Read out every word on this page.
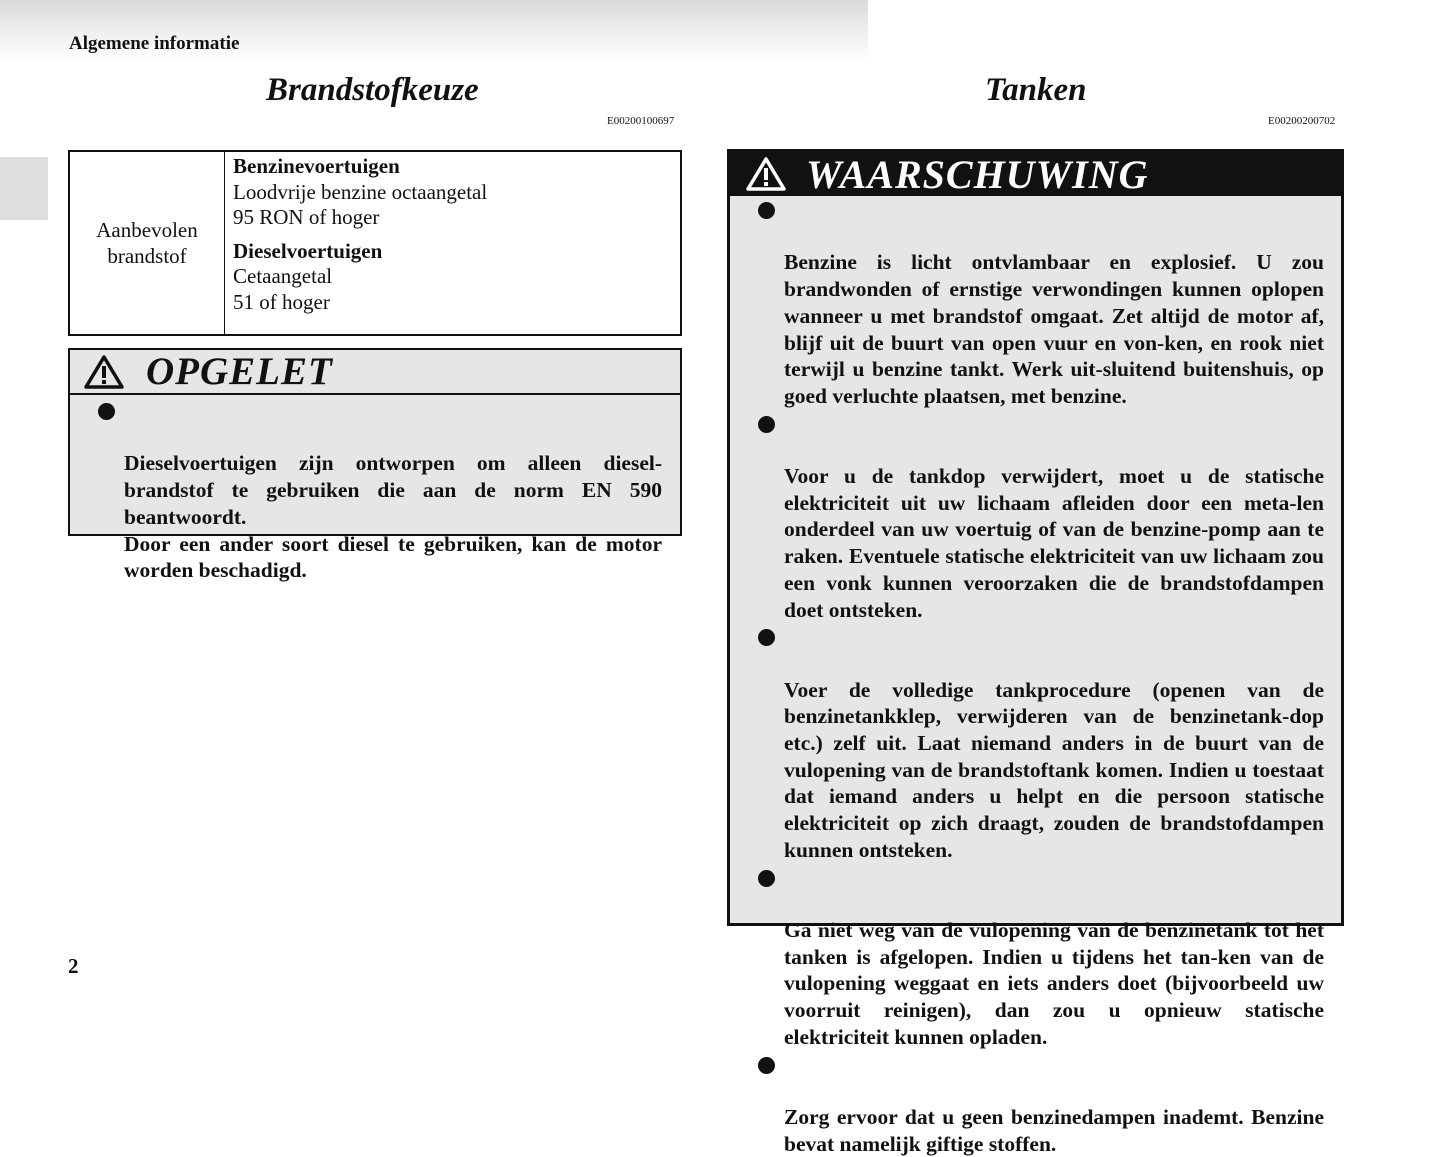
Algemene informatie
Brandstofkeuze
E00200100697
Aanbevolen
brandstof
Benzinevoertuigen
Loodvrije benzine octaangetal
95 RON of hoger
Dieselvoertuigen
Cetaangetal
51 of hoger
OPGELET

Dieselvoertuigen zijn ontworpen om alleen diesel-brandstof te gebruiken die aan de norm EN 590 beantwoordt.
Door een ander soort diesel te gebruiken, kan de motor worden beschadigd.

Tanken
E00200200702
WAARSCHUWING

Benzine is licht ontvlambaar en explosief. U zou brandwonden of ernstige verwondingen kunnen oplopen wanneer u met brandstof omgaat. Zet altijd de motor af, blijf uit de buurt van open vuur en von-ken, en rook niet terwijl u benzine tankt. Werk uit-sluitend buitenshuis, op goed verluchte plaatsen, met benzine.

Voor u de tankdop verwijdert, moet u de statische elektriciteit uit uw lichaam afleiden door een meta-len onderdeel van uw voertuig of van de benzine-pomp aan te raken. Eventuele statische elektriciteit van uw lichaam zou een vonk kunnen veroorzaken die de brandstofdampen doet ontsteken.

Voer de volledige tankprocedure (openen van de benzinetankklep, verwijderen van de benzinetank-dop etc.) zelf uit. Laat niemand anders in de buurt van de vulopening van de brandstoftank komen. Indien u toestaat dat iemand anders u helpt en die persoon statische elektriciteit op zich draagt, zouden de brandstofdampen kunnen ontsteken.

Ga niet weg van de vulopening van de benzinetank tot het tanken is afgelopen. Indien u tijdens het tan-ken van de vulopening weggaat en iets anders doet (bijvoorbeeld uw voorruit reinigen), dan zou u opnieuw statische elektriciteit kunnen opladen.

Zorg ervoor dat u geen benzinedampen inademt. Benzine bevat namelijk giftige stoffen.

2
